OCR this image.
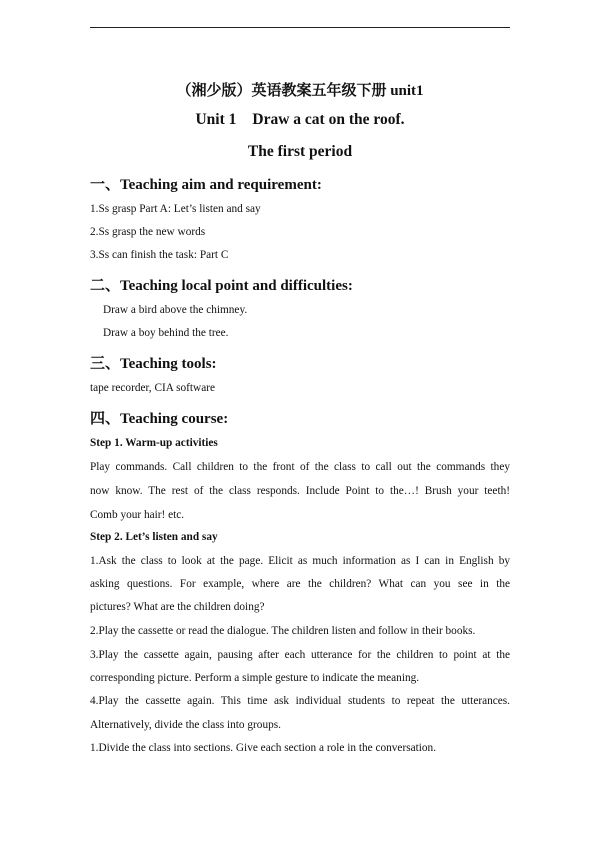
（湘少版）英语教案五年级下册 unit1
Unit 1 Draw a cat on the roof.
The first period
一、Teaching aim and requirement:
1.Ss grasp Part A: Let’s listen and say
2.Ss grasp the new words
3.Ss can finish the task: Part C
二、Teaching local point and difficulties:
Draw a bird above the chimney.
Draw a boy behind the tree.
三、Teaching tools:
tape recorder, CIA software
四、Teaching course:
Step 1. Warm-up activities
Play commands. Call children to the front of the class to call out the commands they
now know. The rest of the class responds. Include Point to the…! Brush your teeth!
Comb your hair! etc.
Step 2. Let’s listen and say
1.Ask the class to look at the page. Elicit as much information as I can in English by
asking questions. For example, where are the children? What can you see in the
pictures? What are the children doing?
2.Play the cassette or read the dialogue. The children listen and follow in their books.
3.Play the cassette again, pausing after each utterance for the children to point at the
corresponding picture. Perform a simple gesture to indicate the meaning.
4.Play the cassette again. This time ask individual students to repeat the utterances.
Alternatively, divide the class into groups.
1.Divide the class into sections. Give each section a role in the conversation.
